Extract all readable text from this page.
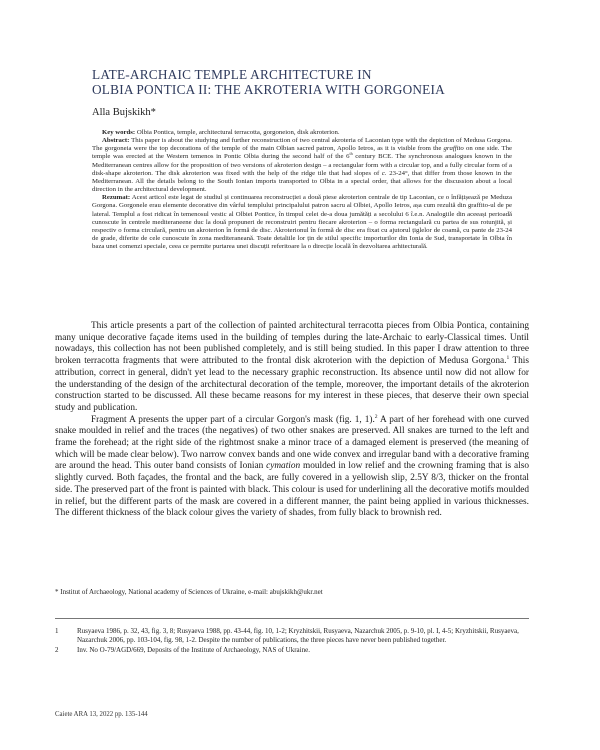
LATE-ARCHAIC TEMPLE ARCHITECTURE IN
OLBIA PONTICA II: THE AKROTERIA WITH GORGONEIA
Alla Bujskikh*

Key words: Olbia Pontica, temple, architectural terracotta, gorgoneion, disk akroterion.

Abstract: This paper is about the studying and further reconstruction of two central akroteria of Laconian type with the depiction of Medusa Gorgona. The gorgoneia were the top decorations of the temple of the main Olbian sacred patron, Apollo Ietros, as it is visible from the graffito on one side. The temple was erected at the Western temenos in Pontic Olbia during the second half of the 6th century BCE. The synchronous analogues known in the Mediterranean centres allow for the proposition of two versions of akroterion design – a rectangular form with a circular top, and a fully circular form of a disk-shape akroterion. The disk akroterion was fixed with the help of the ridge tile that had slopes of c. 23-24°, that differ from those known in the Mediterranean. All the details belong to the South Ionian imports transported to Olbia in a special order, that allows for the discussion about a local direction in the architectural development.

Rezumat: Acest articol este legat de studiul și continuarea reconstrucției a două piese akroterion centrale de tip Laconian, ce o înfățișează pe Meduza Gorgona. Gorgonele erau elemente decorative din vârful templului principalului patron sacru al Olbiei, Apollo Ietros, așa cum rezultă din graffito-ul de pe lateral. Templul a fost ridicat în temenosul vestic al Olbiei Pontice, în timpul celei de-a doua jumătăți a secolului 6 î.e.n. Analogiile din aceeași perioadă cunoscute în centrele mediteraneene duc la două propuneri de reconstruiri pentru fiecare akroterion – o forma rectangulară cu partea de sus rotunjită, și respectiv o forma circulară, pentru un akroterion în formă de disc. Akroterionul în formă de disc era fixat cu ajutorul țiglelor de coamă, cu pante de 23-24 de grade, diferite de cele cunoscute în zona mediteraneană. Toate detaliile lor țin de stilul specific importurilor din Ionia de Sud, transportate în Olbia în baza unei comenzi speciale, ceea ce permite purtarea unei discuții referitoare la o direcție locală în dezvoltarea arhitecturală.

This article presents a part of the collection of painted architectural terracotta pieces from Olbia Pontica, containing many unique decorative façade items used in the building of temples during the late-Archaic to early-Classical times. Until nowadays, this collection has not been published completely, and is still being studied. In this paper I draw attention to three broken terracotta fragments that were attributed to the frontal disk akroterion with the depiction of Medusa Gorgona.$^1$ This attribution, correct in general, didn't yet lead to the necessary graphic reconstruction. Its absence until now did not allow for the understanding of the design of the architectural decoration of the temple, moreover, the important details of the akroterion construction started to be discussed. All these became reasons for my interest in these pieces, that deserve their own special study and publication.

Fragment A presents the upper part of a circular Gorgon's mask (fig. 1, 1).$^2$ A part of her forehead with one curved snake moulded in relief and the traces (the negatives) of two other snakes are preserved. All snakes are turned to the left and frame the forehead; at the right side of the rightmost snake a minor trace of a damaged element is preserved (the meaning of which will be made clear below). Two narrow convex bands and one wide convex and irregular band with a decorative framing are around the head. This outer band consists of Ionian cymation moulded in low relief and the crowning framing that is also slightly curved. Both façades, the frontal and the back, are fully covered in a yellowish slip, 2.5Y 8/3, thicker on the frontal side. The preserved part of the front is painted with black. This colour is used for underlining all the decorative motifs moulded in relief, but the different parts of the mask are covered in a different manner, the paint being applied in various thicknesses. The different thickness of the black colour gives the variety of shades, from fully black to brownish red.

* Institut of Archaeology, National academy of Sciences of Ukraine, e-mail: abujskikh@ukr.net
1	Rusyaeva 1986, p. 32, 43, fig. 3, 8; Rusyaeva 1988, pp. 43-44, fig. 10, 1-2; Kryzhitskii, Rusyaeva, Nazarchuk 2005, p. 9-10, pl. I, 4-5; Kryzhitskii, Rusyaeva, Nazarchuk 2006, pp. 103-104, fig. 98, 1-2. Despite the number of publications, the three pieces have never been published together.
2	Inv. No O-79/AGD/669, Deposits of the Institute of Archaeology, NAS of Ukraine.
Caiete ARA 13, 2022 pp. 135-144
